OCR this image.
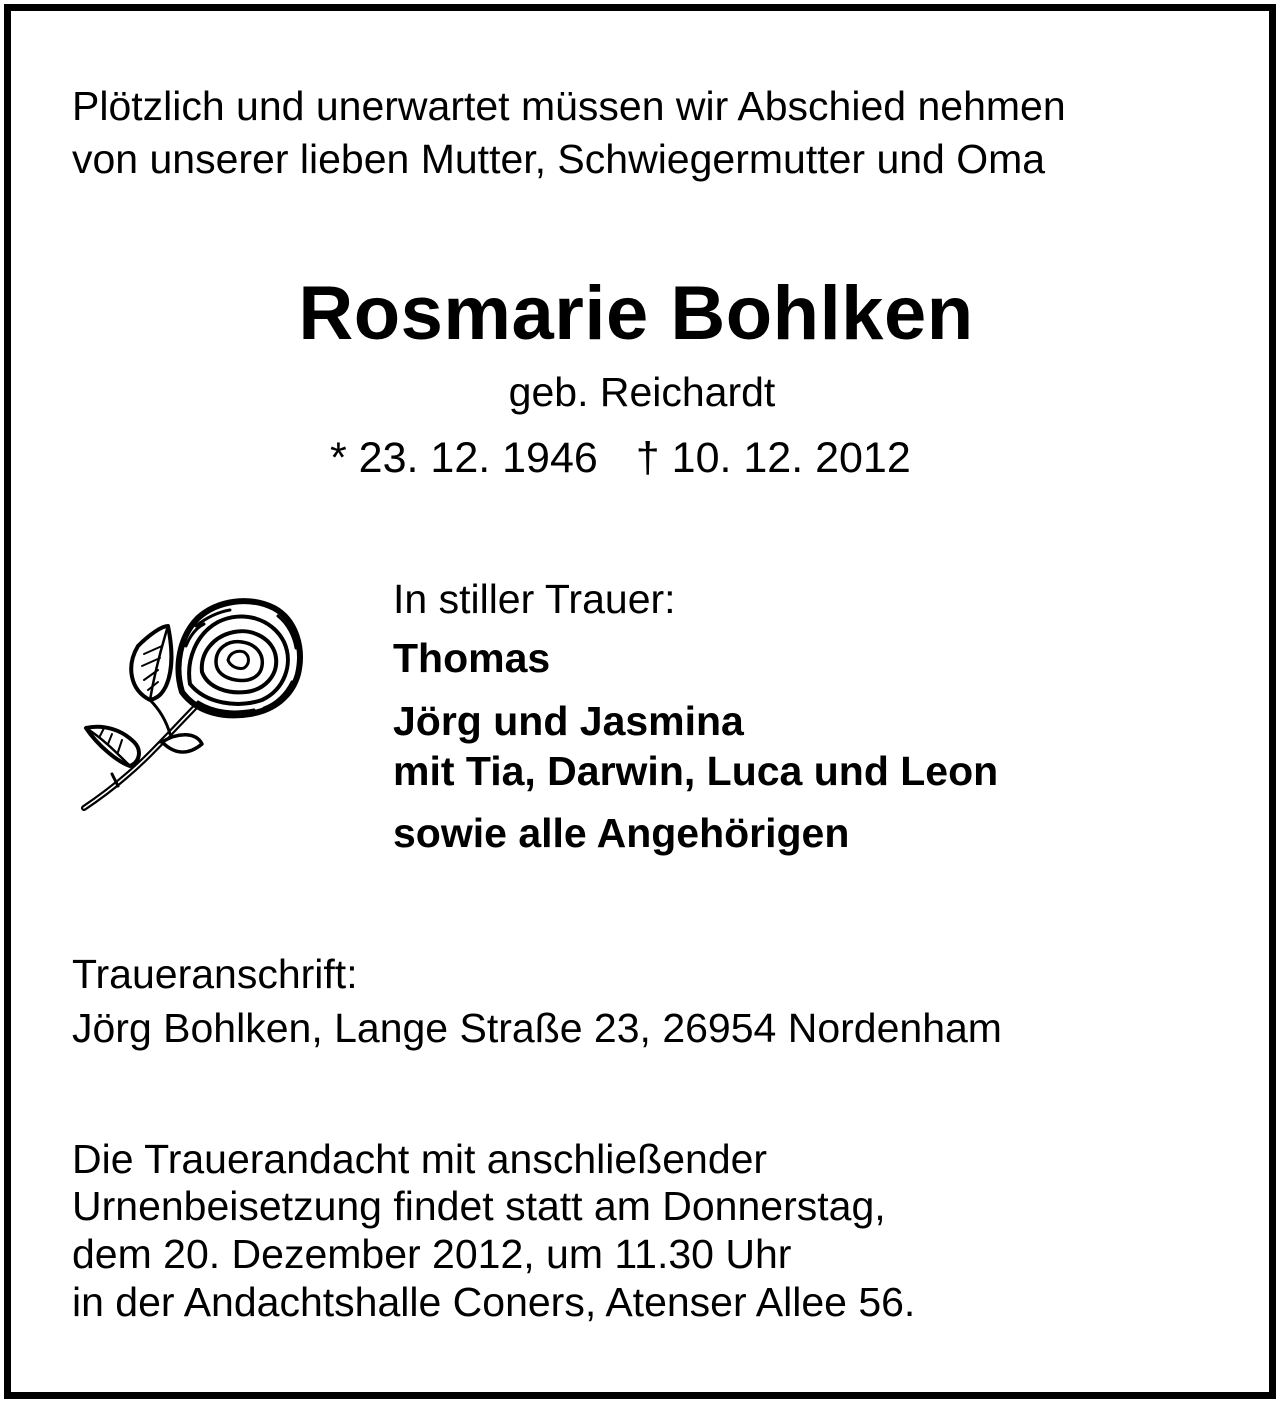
Plötzlich und unerwartet müssen wir Abschied nehmen
von unserer lieben Mutter, Schwiegermutter und Oma
Rosmarie Bohlken
geb. Reichardt
* 23. 12. 1946 † 10. 12. 2012
In stiller Trauer:
Thomas
Jörg und Jasmina
mit Tia, Darwin, Luca und Leon
sowie alle Angehörigen
Traueranschrift:
Jörg Bohlken, Lange Straße 23, 26954 Nordenham
Die Trauerandacht mit anschließender
Urnenbeisetzung findet statt am Donnerstag,
dem 20. Dezember 2012, um 11.30 Uhr
in der Andachtshalle Coners, Atenser Allee 56.
